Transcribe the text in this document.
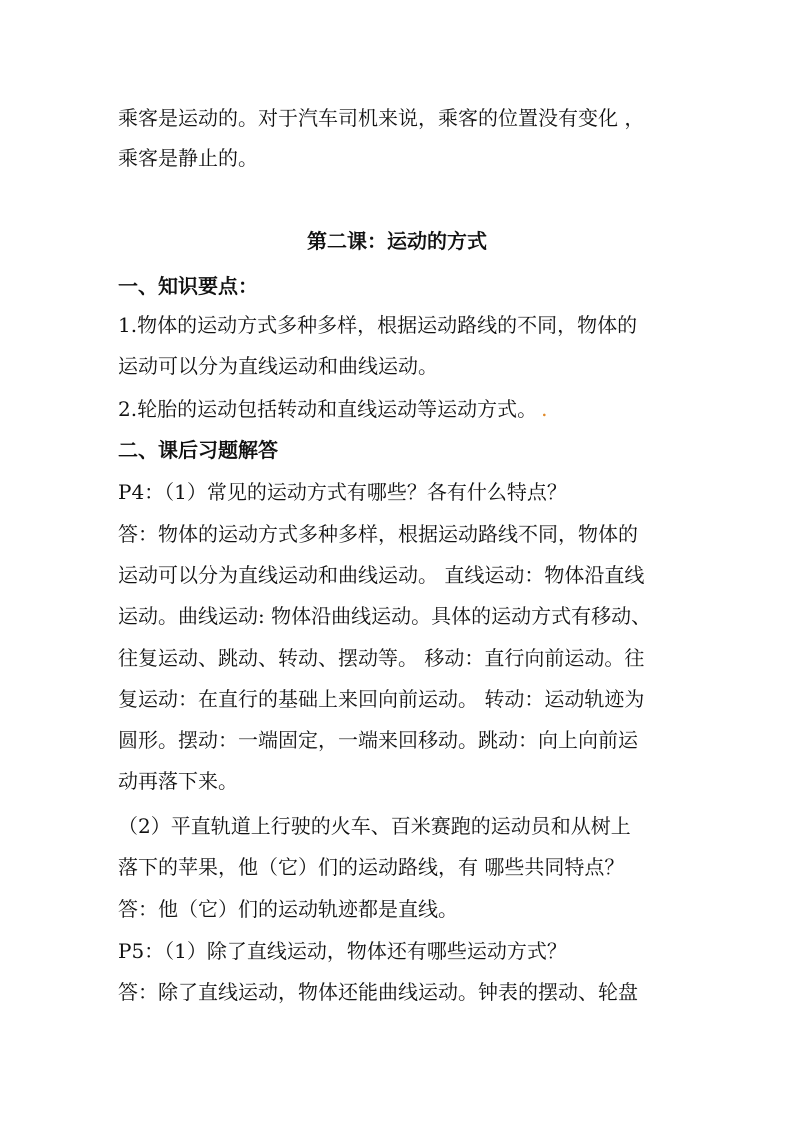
乘客是运动的。对于汽车司机来说，乘客的位置没有变化 ，
乘客是静止的。
第二课：运动的方式
一、知识要点：
1.物体的运动方式多种多样，根据运动路线的不同，物体的
运动可以分为直线运动和曲线运动。
2.轮胎的运动包括转动和直线运动等运动方式。 .
二、课后习题解答
P4：（1）常见的运动方式有哪些？各有什么特点？
答：物体的运动方式多种多样，根据运动路线不同，物体的
运动可以分为直线运动和曲线运动。 直线运动：物体沿直线
运动。曲线运动: 物体沿曲线运动。具体的运动方式有移动、
往复运动、跳动、转动、摆动等。 移动：直行向前运动。往
复运动：在直行的基础上来回向前运动。 转动：运动轨迹为
圆形。摆动：一端固定，一端来回移动。跳动：向上向前运
动再落下来。
（2）平直轨道上行驶的火车、百米赛跑的运动员和从树上
落下的苹果，他（它）们的运动路线，有 哪些共同特点？
答：他（它）们的运动轨迹都是直线。
P5：（1）除了直线运动，物体还有哪些运动方式？
答：除了直线运动，物体还能曲线运动。钟表的摆动、轮盘
